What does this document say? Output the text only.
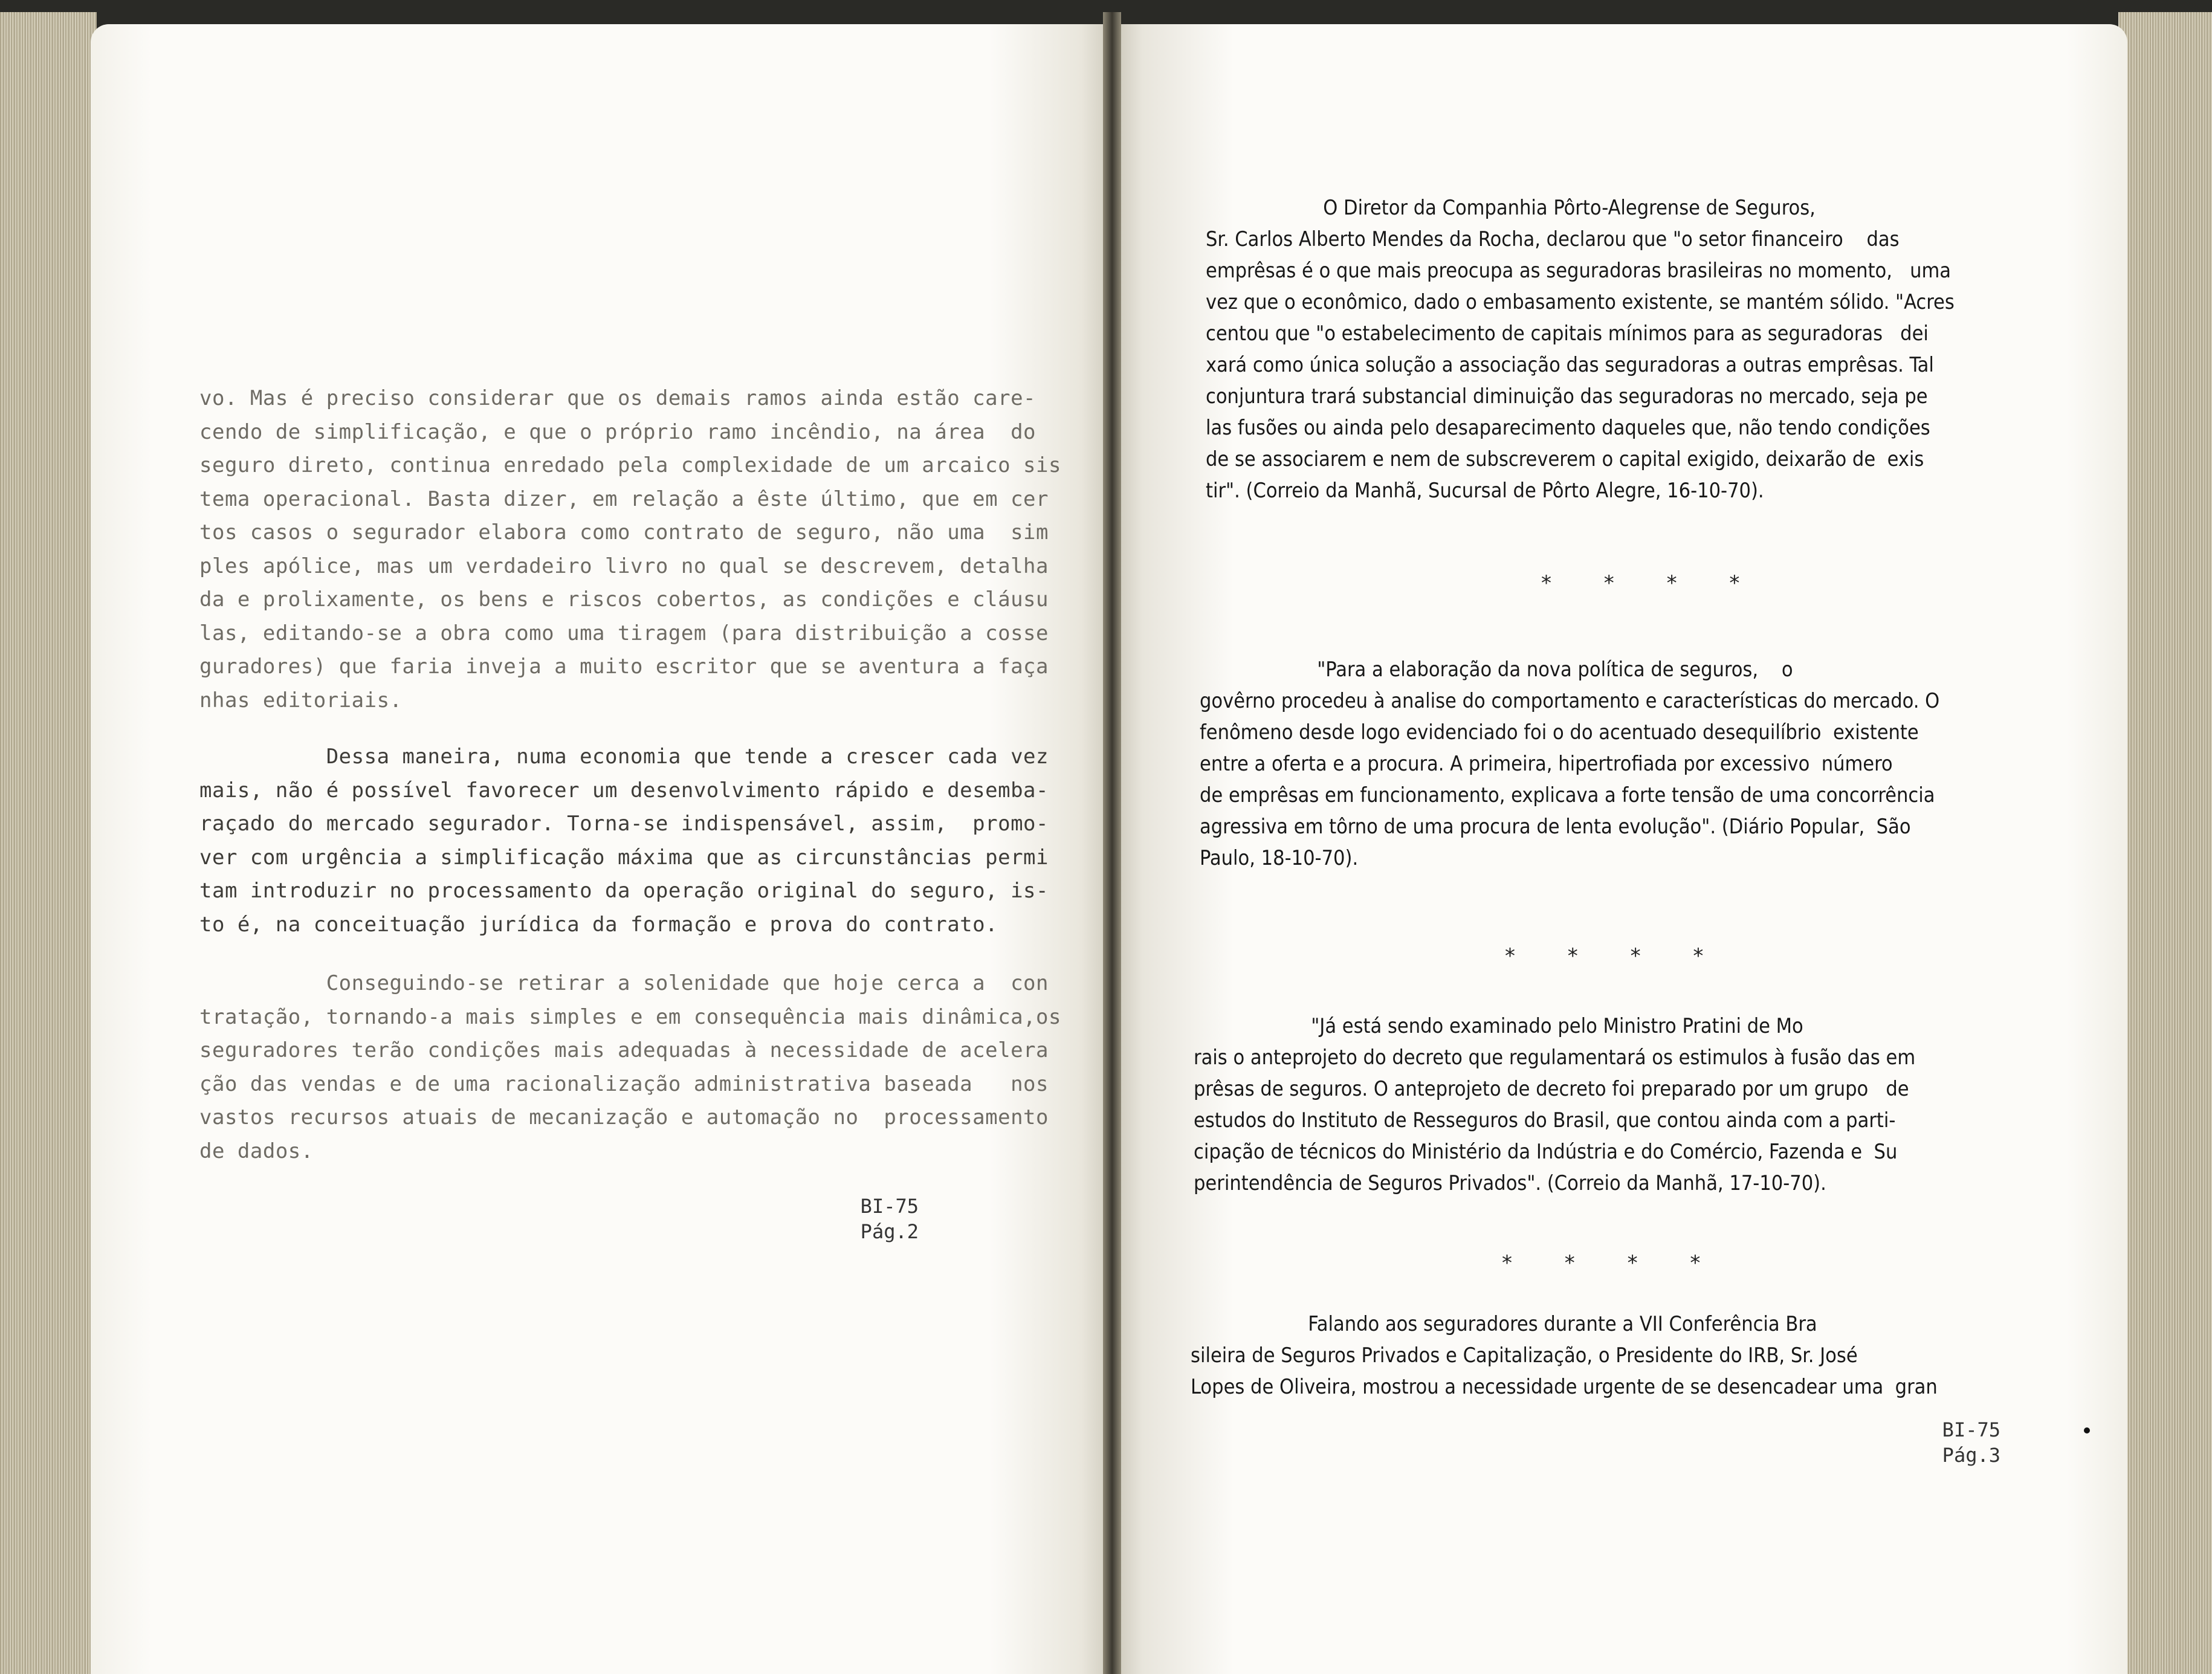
vo. Mas é preciso considerar que os demais ramos ainda estão care-
cendo de simplificação, e que o próprio ramo incêndio, na área  do
seguro direto, continua enredado pela complexidade de um arcaico sis
tema operacional. Basta dizer, em relação a êste último, que em cer
tos casos o segurador elabora como contrato de seguro, não uma  sim
ples apólice, mas um verdadeiro livro no qual se descrevem, detalha
da e prolixamente, os bens e riscos cobertos, as condições e cláusu
las, editando-se a obra como uma tiragem (para distribuição a cosse
guradores) que faria inveja a muito escritor que se aventura a faça
nhas editoriais.
Dessa maneira, numa economia que tende a crescer cada vez
mais, não é possível favorecer um desenvolvimento rápido e desemba-
raçado do mercado segurador. Torna-se indispensável, assim,  promo-
ver com urgência a simplificação máxima que as circunstâncias permi
tam introduzir no processamento da operação original do seguro, is-
to é, na conceituação jurídica da formação e prova do contrato.
Conseguindo-se retirar a solenidade que hoje cerca a  con
tratação, tornando-a mais simples e em consequência mais dinâmica,os
seguradores terão condições mais adequadas à necessidade de acelera
ção das vendas e de uma racionalização administrativa baseada   nos
vastos recursos atuais de mecanização e automação no  processamento
de dados.
BI-75
Pág.2
O Diretor da Companhia Pôrto-Alegrense de Seguros,
Sr. Carlos Alberto Mendes da Rocha, declarou que "o setor financeiro    das
emprêsas é o que mais preocupa as seguradoras brasileiras no momento,   uma
vez que o econômico, dado o embasamento existente, se mantém sólido. "Acres
centou que "o estabelecimento de capitais mínimos para as seguradoras   dei
xará como única solução a associação das seguradoras a outras emprêsas. Tal
conjuntura trará substancial diminuição das seguradoras no mercado, seja pe
las fusões ou ainda pelo desaparecimento daqueles que, não tendo condições
de se associarem e nem de subscreverem o capital exigido, deixarão de  exis
tir". (Correio da Manhã, Sucursal de Pôrto Alegre, 16-10-70).
* * * *
"Para a elaboração da nova política de seguros,    o
govêrno procedeu à analise do comportamento e características do mercado. O
fenômeno desde logo evidenciado foi o do acentuado desequilíbrio  existente
entre a oferta e a procura. A primeira, hipertrofiada por excessivo  número
de emprêsas em funcionamento, explicava a forte tensão de uma concorrência
agressiva em tôrno de uma procura de lenta evolução". (Diário Popular,  São
Paulo, 18-10-70).
* * * *
"Já está sendo examinado pelo Ministro Pratini de Mo
rais o anteprojeto do decreto que regulamentará os estimulos à fusão das em
prêsas de seguros. O anteprojeto de decreto foi preparado por um grupo   de
estudos do Instituto de Resseguros do Brasil, que contou ainda com a parti-
cipação de técnicos do Ministério da Indústria e do Comércio, Fazenda e  Su
perintendência de Seguros Privados". (Correio da Manhã, 17-10-70).
* * * *
Falando aos seguradores durante a VII Conferência Bra
sileira de Seguros Privados e Capitalização, o Presidente do IRB, Sr. José
Lopes de Oliveira, mostrou a necessidade urgente de se desencadear uma  gran
BI-75
Pág.3
